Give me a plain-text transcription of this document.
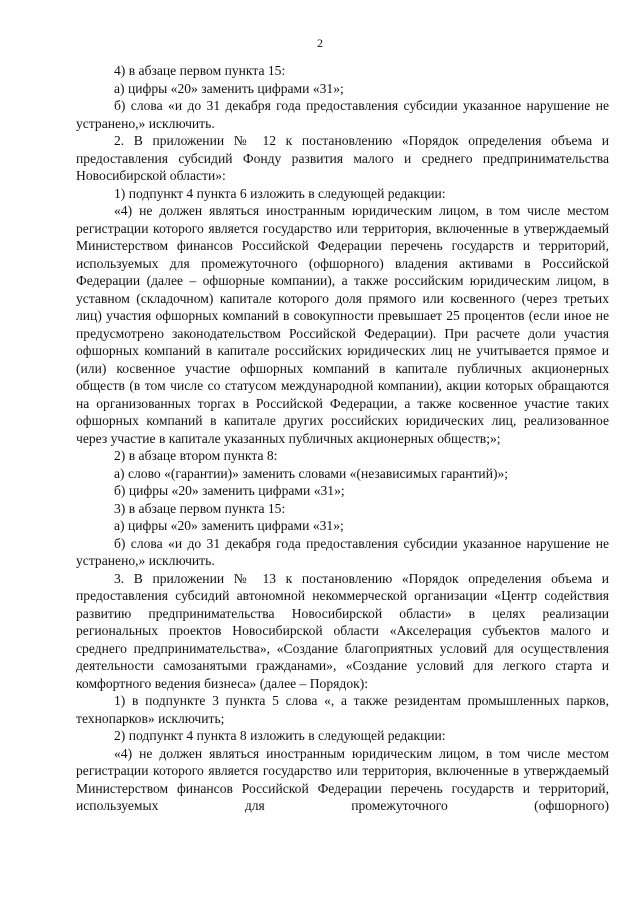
2

4) в абзаце первом пункта 15:

а) цифры «20» заменить цифрами «31»;

б) слова «и до 31 декабря года предоставления субсидии указанное нарушение не устранено,» исключить.

2. В приложении № 12 к постановлению «Порядок определения объема и предоставления субсидий Фонду развития малого и среднего предпринимательства Новосибирской области»:

1) подпункт 4 пункта 6 изложить в следующей редакции:

«4) не должен являться иностранным юридическим лицом, в том числе местом регистрации которого является государство или территория, включенные в утверждаемый Министерством финансов Российской Федерации перечень государств и территорий, используемых для промежуточного (офшорного) владения активами в Российской Федерации (далее – офшорные компании), а также российским юридическим лицом, в уставном (складочном) капитале которого доля прямого или косвенного (через третьих лиц) участия офшорных компаний в совокупности превышает 25 процентов (если иное не предусмотрено законодательством Российской Федерации). При расчете доли участия офшорных компаний в капитале российских юридических лиц не учитывается прямое и (или) косвенное участие офшорных компаний в капитале публичных акционерных обществ (в том числе со статусом международной компании), акции которых обращаются на организованных торгах в Российской Федерации, а также косвенное участие таких офшорных компаний в капитале других российских юридических лиц, реализованное через участие в капитале указанных публичных акционерных обществ;»;

2) в абзаце втором пункта 8:

а) слово «(гарантии)» заменить словами «(независимых гарантий)»;

б) цифры «20» заменить цифрами «31»;

3) в абзаце первом пункта 15:

а) цифры «20» заменить цифрами «31»;

б) слова «и до 31 декабря года предоставления субсидии указанное нарушение не устранено,» исключить.

3. В приложении № 13 к постановлению «Порядок определения объема и предоставления субсидий автономной некоммерческой организации «Центр содействия развитию предпринимательства Новосибирской области» в целях реализации региональных проектов Новосибирской области «Акселерация субъектов малого и среднего предпринимательства», «Создание благоприятных условий для осуществления деятельности самозанятыми гражданами», «Создание условий для легкого старта и комфортного ведения бизнеса» (далее – Порядок):

1) в подпункте 3 пункта 5 слова «, а также резидентам промышленных парков, технопарков» исключить;

2) подпункт 4 пункта 8 изложить в следующей редакции:

«4) не должен являться иностранным юридическим лицом, в том числе местом регистрации которого является государство или территория, включенные в утверждаемый Министерством финансов Российской Федерации перечень государств и территорий, используемых для промежуточного (офшорного)
